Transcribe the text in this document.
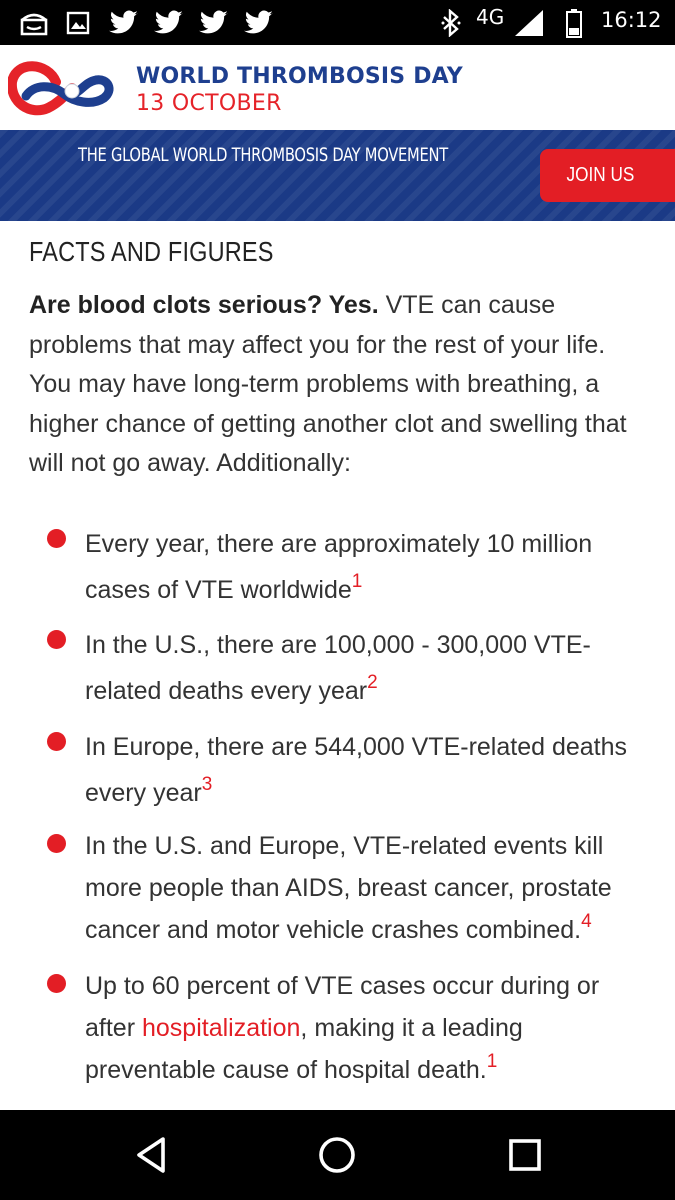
4G	16:12
WORLD THROMBOSIS DAY
13 OCTOBER
THE GLOBAL WORLD THROMBOSIS DAY MOVEMENT
JOIN US
FACTS AND FIGURES

Are blood clots serious? Yes. VTE can cause problems that may affect you for the rest of your life. You may have long-term problems with breathing, a higher chance of getting another clot and swelling that will not go away. Additionally:

Every year, there are approximately 10 million cases of VTE worldwide$^1$

In the U.S., there are 100,000 - 300,000 VTE-related deaths every year$^2$

In Europe, there are 544,000 VTE-related deaths every year$^3$

In the U.S. and Europe, VTE-related events kill more people than AIDS, breast cancer, prostate cancer and motor vehicle crashes combined.$^4$

Up to 60 percent of VTE cases occur during or after hospitalization, making it a leading preventable cause of hospital death.$^1$
